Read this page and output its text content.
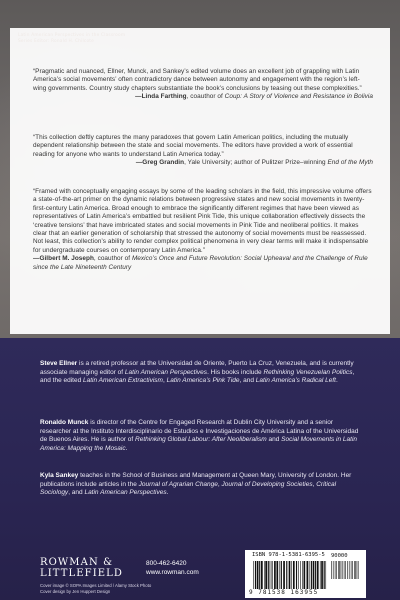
Latin American Perspectives in the Classroom
Series Editor: Ronald H. Chilcote
“Pragmatic and nuanced, Ellner, Munck, and Sankey’s edited volume does an excellent job of grappling with Latin America’s social movements’ often contradictory dance between autonomy and engagement with the region’s left-wing governments. Country study chapters substantiate the book’s conclusions by teasing out these complexities.”
—Linda Farthing, coauthor of Coup: A Story of Violence and Resistance in Bolivia
“This collection deftly captures the many paradoxes that govern Latin American politics, including the mutually dependent relationship between the state and social movements. The editors have provided a work of essential reading for anyone who wants to understand Latin America today.”
—Greg Grandin, Yale University; author of Pulitzer Prize–winning End of the Myth
“Framed with conceptually engaging essays by some of the leading scholars in the field, this impressive volume offers a state-of-the-art primer on the dynamic relations between progressive states and new social movements in twenty-first-century Latin America. Broad enough to embrace the significantly different regimes that have been viewed as representatives of Latin America’s embattled but resilient Pink Tide, this unique collaboration effectively dissects the ‘creative tensions’ that have imbricated states and social movements in Pink Tide and neoliberal politics. It makes clear that an earlier generation of scholarship that stressed the autonomy of social movements must be reassessed. Not least, this collection’s ability to render complex political phenomena in very clear terms will make it indispensable for undergraduate courses on contemporary Latin America.”
—Gilbert M. Joseph, coauthor of Mexico’s Once and Future Revolution: Social Upheaval and the Challenge of Rule since the Late Nineteenth Century

Steve Ellner is a retired professor at the Universidad de Oriente, Puerto La Cruz, Venezuela, and is currently associate managing editor of Latin American Perspectives. His books include Rethinking Venezuelan Politics, and the edited Latin American Extractivism, Latin America’s Pink Tide, and Latin America’s Radical Left.

Ronaldo Munck is director of the Centre for Engaged Research at Dublin City University and a senior researcher at the Instituto Interdisciplinario de Estudios e Investigaciones de América Latina of the Universidad de Buenos Aires. He is author of Rethinking Global Labour: After Neoliberalism and Social Movements in Latin America: Mapping the Mosaic.

Kyla Sankey teaches in the School of Business and Management at Queen Mary, University of London. Her publications include articles in the Journal of Agrarian Change, Journal of Developing Societies, Critical Sociology, and Latin American Perspectives.

ROWMAN &
LITTLEFIELD
800-462-6420
www.rowman.com
ISBN 978-1-5381-6395-5 90000
9 781538 163955
Cover image © SOPA Images Limited / Alamy Stock Photo
Cover design by Jen Huppert Design
